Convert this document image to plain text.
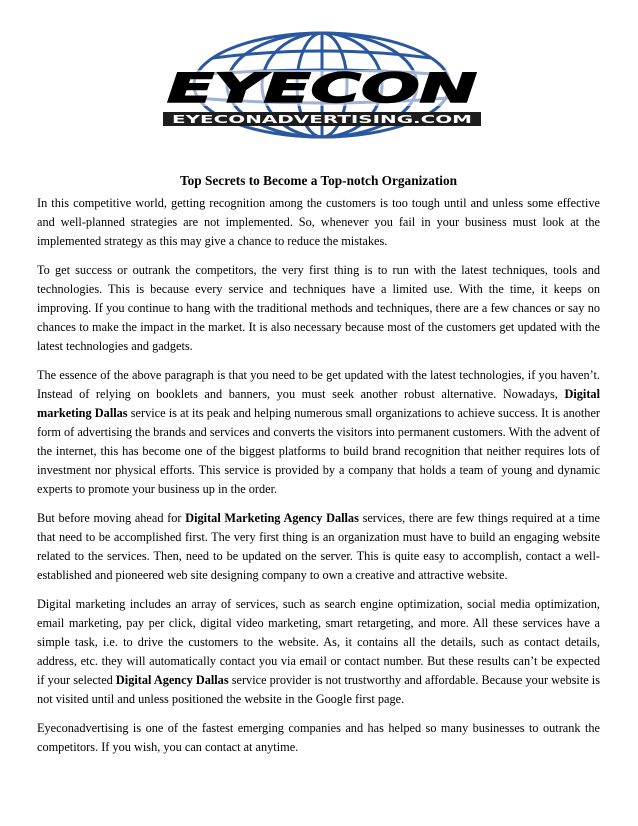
EYECON
EYECONADVERTISING.COM

Top Secrets to Become a Top-notch Organization

In this competitive world, getting recognition among the customers is too tough until and unless some effective and well-planned strategies are not implemented. So, whenever you fail in your business must look at the implemented strategy as this may give a chance to reduce the mistakes.

To get success or outrank the competitors, the very first thing is to run with the latest techniques, tools and technologies. This is because every service and techniques have a limited use. With the time, it keeps on improving. If you continue to hang with the traditional methods and techniques, there are a few chances or say no chances to make the impact in the market. It is also necessary because most of the customers get updated with the latest technologies and gadgets.

The essence of the above paragraph is that you need to be get updated with the latest technologies, if you haven’t. Instead of relying on booklets and banners, you must seek another robust alternative. Nowadays, Digital marketing Dallas service is at its peak and helping numerous small organizations to achieve success. It is another form of advertising the brands and services and converts the visitors into permanent customers. With the advent of the internet, this has become one of the biggest platforms to build brand recognition that neither requires lots of investment nor physical efforts. This service is provided by a company that holds a team of young and dynamic experts to promote your business up in the order.

But before moving ahead for Digital Marketing Agency Dallas services, there are few things required at a time that need to be accomplished first. The very first thing is an organization must have to build an engaging website related to the services. Then, need to be updated on the server. This is quite easy to accomplish, contact a well-established and pioneered web site designing company to own a creative and attractive website.

Digital marketing includes an array of services, such as search engine optimization, social media optimization, email marketing, pay per click, digital video marketing, smart retargeting, and more. All these services have a simple task, i.e. to drive the customers to the website. As, it contains all the details, such as contact details, address, etc. they will automatically contact you via email or contact number. But these results can’t be expected if your selected Digital Agency Dallas service provider is not trustworthy and affordable. Because your website is not visited until and unless positioned the website in the Google first page.

Eyeconadvertising is one of the fastest emerging companies and has helped so many businesses to outrank the competitors. If you wish, you can contact at anytime.
